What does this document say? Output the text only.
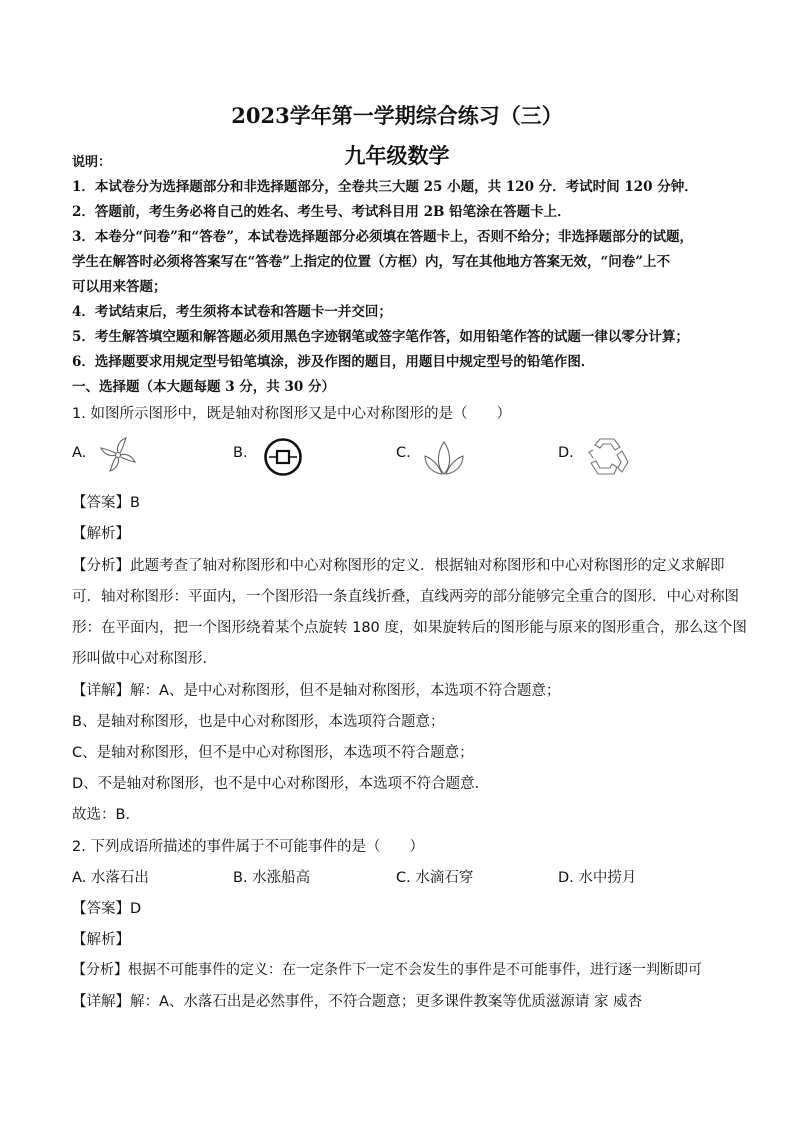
2023学年第一学期综合练习（三）
九年级数学
说明：
1．本试卷分为选择题部分和非选择题部分，全卷共三大题 25 小题，共 120 分．考试时间 120 分钟．
2．答题前，考生务必将自己的姓名、考生号、考试科目用 2B 铅笔涂在答题卡上．
3．本卷分“问卷”和“答卷”，本试卷选择题部分必须填在答题卡上，否则不给分；非选择题部分的试题，
学生在解答时必须将答案写在“答卷”上指定的位置（方框）内，写在其他地方答案无效，“问卷”上不
可以用来答题；
4．考试结束后，考生须将本试卷和答题卡一并交回；
5．考生解答填空题和解答题必须用黑色字迹钢笔或签字笔作答，如用铅笔作答的试题一律以零分计算；
6．选择题要求用规定型号铅笔填涂，涉及作图的题目，用题目中规定型号的铅笔作图．
一、选择题（本大题每题 3 分，共 30 分）
1. 如图所示图形中，既是轴对称图形又是中心对称图形的是（　　）
A.	B.	C.	D.
【答案】B
【解析】
【分析】此题考查了轴对称图形和中心对称图形的定义．根据轴对称图形和中心对称图形的定义求解即
可．轴对称图形：平面内，一个图形沿一条直线折叠，直线两旁的部分能够完全重合的图形．中心对称图
形：在平面内，把一个图形绕着某个点旋转 180 度，如果旋转后的图形能与原来的图形重合，那么这个图
形叫做中心对称图形．
【详解】解：A、是中心对称图形，但不是轴对称图形，本选项不符合题意；
B、是轴对称图形，也是中心对称图形，本选项符合题意；
C、是轴对称图形，但不是中心对称图形，本选项不符合题意；
D、不是轴对称图形，也不是中心对称图形，本选项不符合题意．
故选：B．
2. 下列成语所描述的事件属于不可能事件的是（　　）
A. 水落石出	B. 水涨船高	C. 水滴石穿	D. 水中捞月
【答案】D
【解析】
【分析】根据不可能事件的定义：在一定条件下一定不会发生的事件是不可能事件，进行逐一判断即可
【详解】解：A、水落石出是必然事件，不符合题意；更多课件教案等优质滋源请 家 威杏
